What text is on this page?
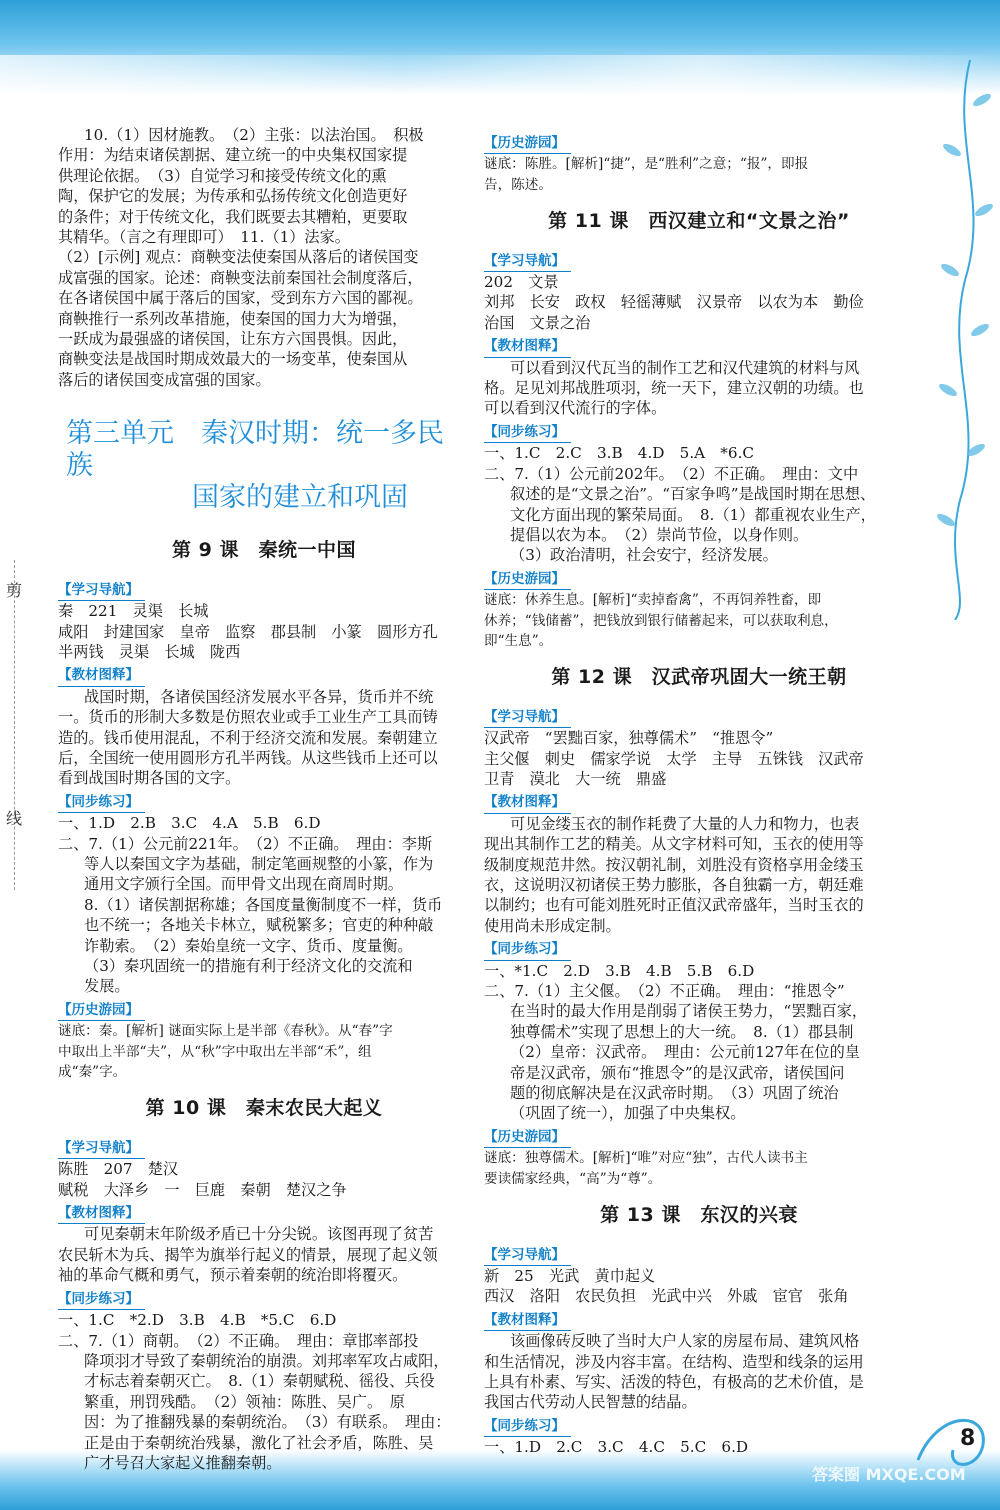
8
剪
线

10.（1）因材施教。　（2）主张：以法治国。　积极

作用：为结束诸侯割据、建立统一的中央集权国家提

供理论依据。　（3）自觉学习和接受传统文化的熏

陶，保护它的发展；为传承和弘扬传统文化创造更好

的条件；对于传统文化，我们既要去其糟粕，更要取

其精华。（言之有理即可）　11.（1）法家。

（2）[示例] 观点：商鞅变法使秦国从落后的诸侯国变

成富强的国家。论述：商鞅变法前秦国社会制度落后，

在各诸侯国中属于落后的国家，受到东方六国的鄙视。

商鞅推行一系列改革措施，使秦国的国力大为增强，

一跃成为最强盛的诸侯国，让东方六国畏惧。因此，

商鞅变法是战国时期成效最大的一场变革，使秦国从

落后的诸侯国变成富强的国家。

第三单元　秦汉时期：统一多民族
国家的建立和巩固
第 9 课　秦统一中国
【学习导航】

秦　221　灵渠　长城

咸阳　封建国家　皇帝　监察　郡县制　小篆　圆形方孔

半两钱　灵渠　长城　陇西

【教材图释】

战国时期，各诸侯国经济发展水平各异，货币并不统

一。货币的形制大多数是仿照农业或手工业生产工具而铸

造的。钱币使用混乱，不利于经济交流和发展。秦朝建立

后，全国统一使用圆形方孔半两钱。从这些钱币上还可以

看到战国时期各国的文字。

【同步练习】

一、1.D　2.B　3.C　4.A　5.B　6.D

二、7.（1）公元前221年。　（2）不正确。　理由：李斯

等人以秦国文字为基础，制定笔画规整的小篆，作为

通用文字颁行全国。而甲骨文出现在商周时期。

8.（1）诸侯割据称雄；各国度量衡制度不一样，货币

也不统一；各地关卡林立，赋税繁多；官吏的种种敲

诈勒索。　（2）秦始皇统一文字、货币、度量衡。

（3）秦巩固统一的措施有利于经济文化的交流和

发展。

【历史游园】

谜底：秦。[解析] 谜面实际上是半部《春秋》。从“春”字

中取出上半部“夫”，从“秋”字中取出左半部“禾”，组

成“秦”字。

第 10 课　秦末农民大起义
【学习导航】

陈胜　207　楚汉

赋税　大泽乡　一　巨鹿　秦朝　楚汉之争

【教材图释】

可见秦朝末年阶级矛盾已十分尖锐。该图再现了贫苦

农民斩木为兵、揭竿为旗举行起义的情景，展现了起义领

袖的革命气概和勇气，预示着秦朝的统治即将覆灭。

【同步练习】

一、1.C　*2.D　3.B　4.B　*5.C　6.D

二、7.（1）商朝。　（2）不正确。　理由：章邯率部投

降项羽才导致了秦朝统治的崩溃。刘邦率军攻占咸阳，

才标志着秦朝灭亡。　8.（1）秦朝赋税、徭役、兵役

繁重，刑罚残酷。　（2）领袖：陈胜、吴广。　原

因：为了推翻残暴的秦朝统治。　（3）有联系。　理由：

正是由于秦朝统治残暴，激化了社会矛盾，陈胜、吴

广才号召大家起义推翻秦朝。

【历史游园】

谜底：陈胜。[解析]“捷”，是“胜利”之意；“报”，即报

告，陈述。

第 11 课　西汉建立和“文景之治”
【学习导航】

202　文景

刘邦　长安　政权　轻徭薄赋　汉景帝　以农为本　勤俭

治国　文景之治

【教材图释】

可以看到汉代瓦当的制作工艺和汉代建筑的材料与风

格。足见刘邦战胜项羽，统一天下，建立汉朝的功绩。也

可以看到汉代流行的字体。

【同步练习】

一、1.C　2.C　3.B　4.D　5.A　*6.C

二、7.（1）公元前202年。　（2）不正确。　理由：文中

叙述的是“文景之治”。“百家争鸣”是战国时期在思想、

文化方面出现的繁荣局面。　8.（1）都重视农业生产，

提倡以农为本。　（2）崇尚节俭，以身作则。

（3）政治清明，社会安宁，经济发展。

【历史游园】

谜底：休养生息。[解析]“卖掉畜禽”，不再饲养牲畜，即

休养；“钱储蓄”，把钱放到银行储蓄起来，可以获取利息，

即“生息”。

第 12 课　汉武帝巩固大一统王朝
【学习导航】

汉武帝　“罢黜百家，独尊儒术”　“推恩令”

主父偃　刺史　儒家学说　太学　主导　五铢钱　汉武帝

卫青　漠北　大一统　鼎盛

【教材图释】

可见金缕玉衣的制作耗费了大量的人力和物力，也表

现出其制作工艺的精美。从文字材料可知，玉衣的使用等

级制度规范井然。按汉朝礼制，刘胜没有资格享用金缕玉

衣，这说明汉初诸侯王势力膨胀，各自独霸一方，朝廷难

以制约；也有可能刘胜死时正值汉武帝盛年，当时玉衣的

使用尚未形成定制。

【同步练习】

一、*1.C　2.D　3.B　4.B　5.B　6.D

二、7.（1）主父偃。　（2）不正确。　理由：“推恩令”

在当时的最大作用是削弱了诸侯王势力，“罢黜百家，

独尊儒术”实现了思想上的大一统。　8.（1）郡县制

（2）皇帝：汉武帝。　理由：公元前127年在位的皇

帝是汉武帝，颁布“推恩令”的是汉武帝，诸侯国问

题的彻底解决是在汉武帝时期。　（3）巩固了统治

（巩固了统一），加强了中央集权。

【历史游园】

谜底：独尊儒术。[解析]“唯”对应“独”，古代人读书主

要读儒家经典，“高”为“尊”。

第 13 课　东汉的兴衰
【学习导航】

新　25　光武　黄巾起义

西汉　洛阳　农民负担　光武中兴　外戚　宦官　张角

【教材图释】

该画像砖反映了当时大户人家的房屋布局、建筑风格

和生活情况，涉及内容丰富。在结构、造型和线条的运用

上具有朴素、写实、活泼的特色，有极高的艺术价值，是

我国古代劳动人民智慧的结晶。

【同步练习】

一、1.D　2.C　3.C　4.C　5.C　6.D

答案圈 MXQE.COM
